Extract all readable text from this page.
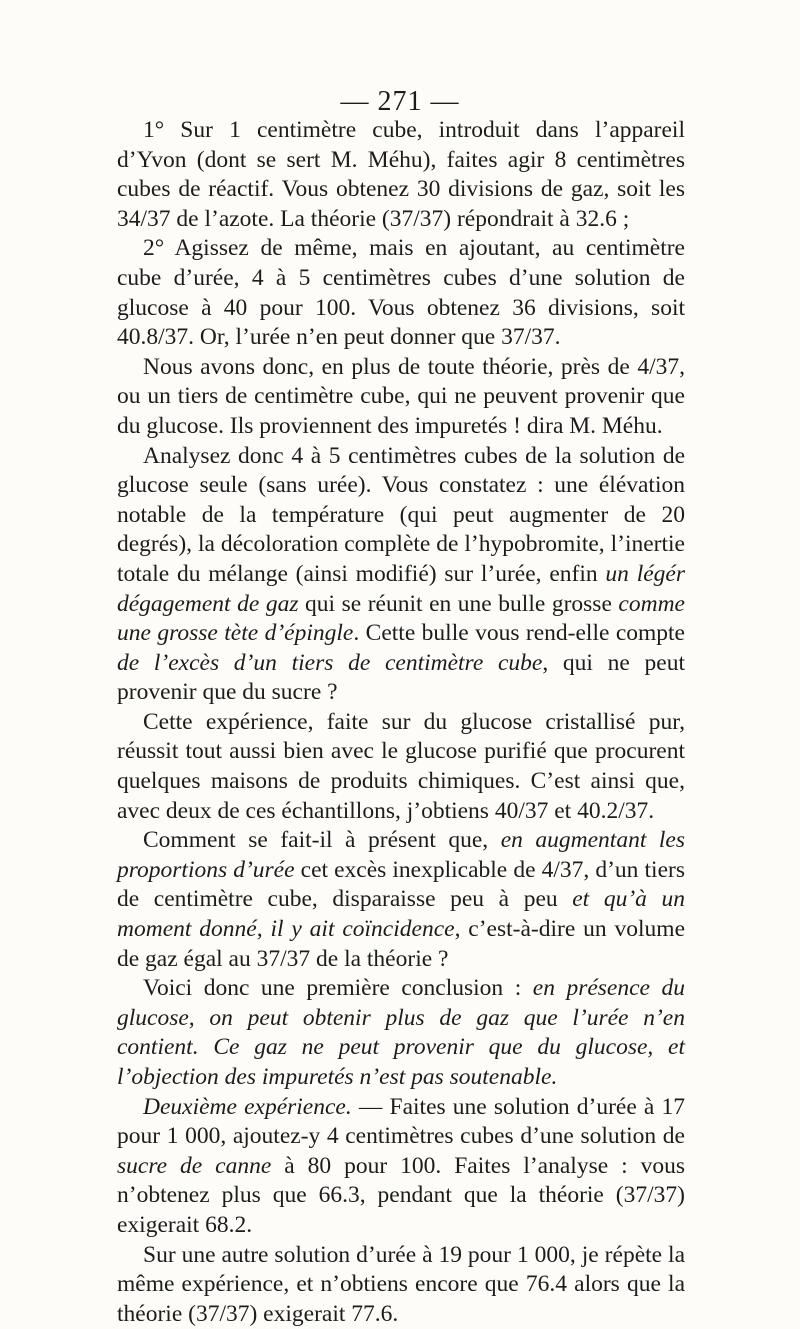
— 271 —

1° Sur 1 centimètre cube, introduit dans l’appareil d’Yvon (dont se sert M. Méhu), faites agir 8 centimètres cubes de réactif. Vous obtenez 30 divisions de gaz, soit les 34/37 de l’azote. La théorie (37/37) répondrait à 32.6 ;

2° Agissez de même, mais en ajoutant, au centimètre cube d’urée, 4 à 5 centimètres cubes d’une solution de glucose à 40 pour 100. Vous obtenez 36 divisions, soit 40.8/37. Or, l’urée n’en peut donner que 37/37.

Nous avons donc, en plus de toute théorie, près de 4/37, ou un tiers de centimètre cube, qui ne peuvent provenir que du glucose. Ils proviennent des impuretés ! dira M. Méhu.

Analysez donc 4 à 5 centimètres cubes de la solution de glucose seule (sans urée). Vous constatez : une élévation notable de la température (qui peut augmenter de 20 degrés), la décoloration complète de l’hypobromite, l’inertie totale du mélange (ainsi modifié) sur l’urée, enfin un légér dégagement de gaz qui se réunit en une bulle grosse comme une grosse tète d’épingle. Cette bulle vous rend-elle compte de l’excès d’un tiers de centimètre cube, qui ne peut provenir que du sucre ?

Cette expérience, faite sur du glucose cristallisé pur, réussit tout aussi bien avec le glucose purifié que procurent quelques maisons de produits chimiques. C’est ainsi que, avec deux de ces échantillons, j’obtiens 40/37 et 40.2/37.

Comment se fait-il à présent que, en augmentant les proportions d’urée cet excès inexplicable de 4/37, d’un tiers de centimètre cube, disparaisse peu à peu et qu’à un moment donné, il y ait coïncidence, c’est-à-dire un volume de gaz égal au 37/37 de la théorie ?

Voici donc une première conclusion : en présence du glucose, on peut obtenir plus de gaz que l’urée n’en contient. Ce gaz ne peut provenir que du glucose, et l’objection des impuretés n’est pas soutenable.

Deuxième expérience. — Faites une solution d’urée à 17 pour 1 000, ajoutez-y 4 centimètres cubes d’une solution de sucre de canne à 80 pour 100. Faites l’analyse : vous n’obtenez plus que 66.3, pendant que la théorie (37/37) exigerait 68.2.

Sur une autre solution d’urée à 19 pour 1 000, je répète la même expérience, et n’obtiens encore que 76.4 alors que la théorie (37/37) exigerait 77.6.
